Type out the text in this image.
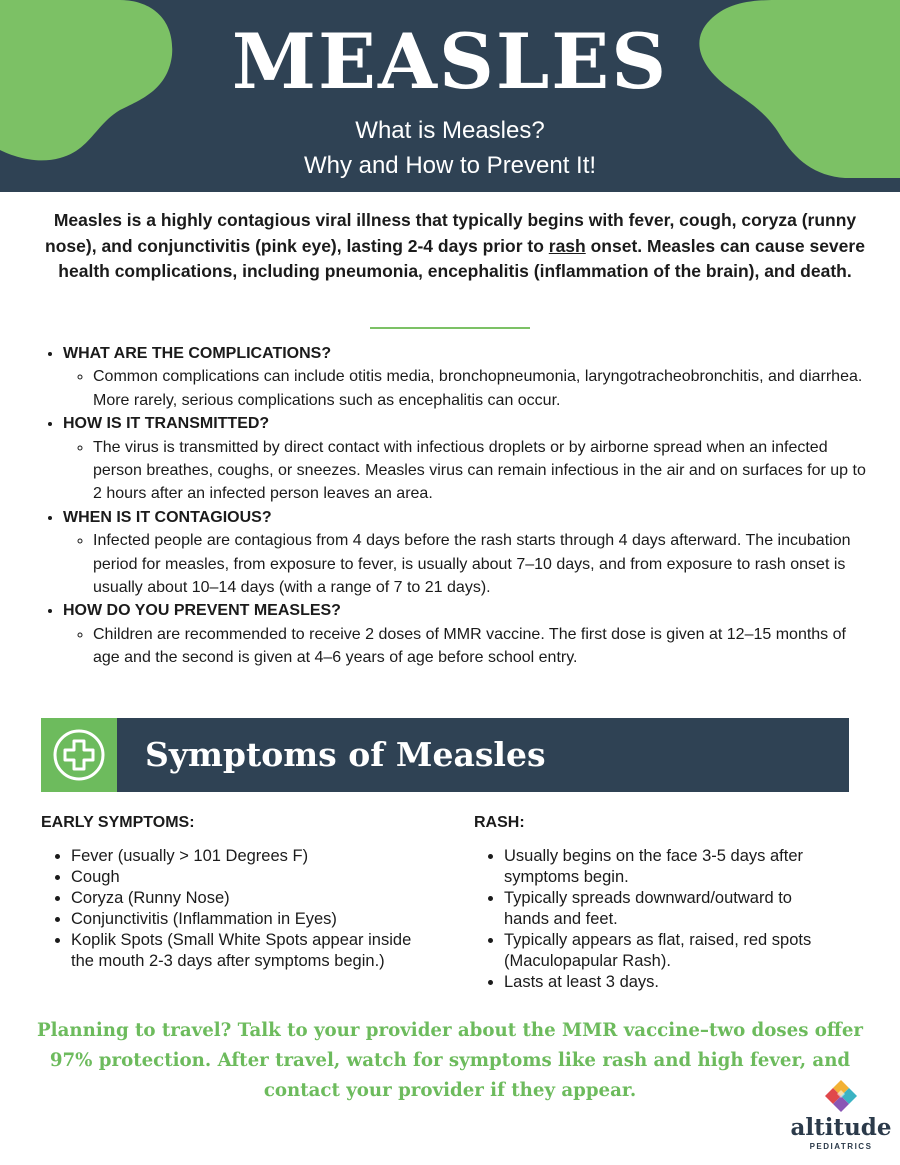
MEASLES
What is Measles?
Why and How to Prevent It!
Measles is a highly contagious viral illness that typically begins with fever, cough, coryza (runny nose), and conjunctivitis (pink eye), lasting 2-4 days prior to rash onset. Measles can cause severe health complications, including pneumonia, encephalitis (inflammation of the brain), and death.
• WHAT ARE THE COMPLICATIONS?
◦ Common complications can include otitis media, bronchopneumonia, laryngotracheobronchitis, and diarrhea. More rarely, serious complications such as encephalitis can occur.
• HOW IS IT TRANSMITTED?
◦ The virus is transmitted by direct contact with infectious droplets or by airborne spread when an infected person breathes, coughs, or sneezes. Measles virus can remain infectious in the air and on surfaces for up to 2 hours after an infected person leaves an area.
• WHEN IS IT CONTAGIOUS?
◦ Infected people are contagious from 4 days before the rash starts through 4 days afterward. The incubation period for measles, from exposure to fever, is usually about 7–10 days, and from exposure to rash onset is usually about 10–14 days (with a range of 7 to 21 days).
• HOW DO YOU PREVENT MEASLES?
◦ Children are recommended to receive 2 doses of MMR vaccine. The first dose is given at 12–15 months of age and the second is given at 4–6 years of age before school entry.
Symptoms of Measles
EARLY SYMPTOMS:
• Fever (usually > 101 Degrees F)
• Cough
• Coryza (Runny Nose)
• Conjunctivitis (Inflammation in Eyes)
• Koplik Spots (Small White Spots appear inside the mouth 2-3 days after symptoms begin.)
RASH:
• Usually begins on the face 3-5 days after symptoms begin.
• Typically spreads downward/outward to hands and feet.
• Typically appears as flat, raised, red spots (Maculopapular Rash).
• Lasts at least 3 days.
Planning to travel? Talk to your provider about the MMR vaccine–two doses offer 97% protection. After travel, watch for symptoms like rash and high fever, and contact your provider if they appear.
altitude
PEDIATRICS
